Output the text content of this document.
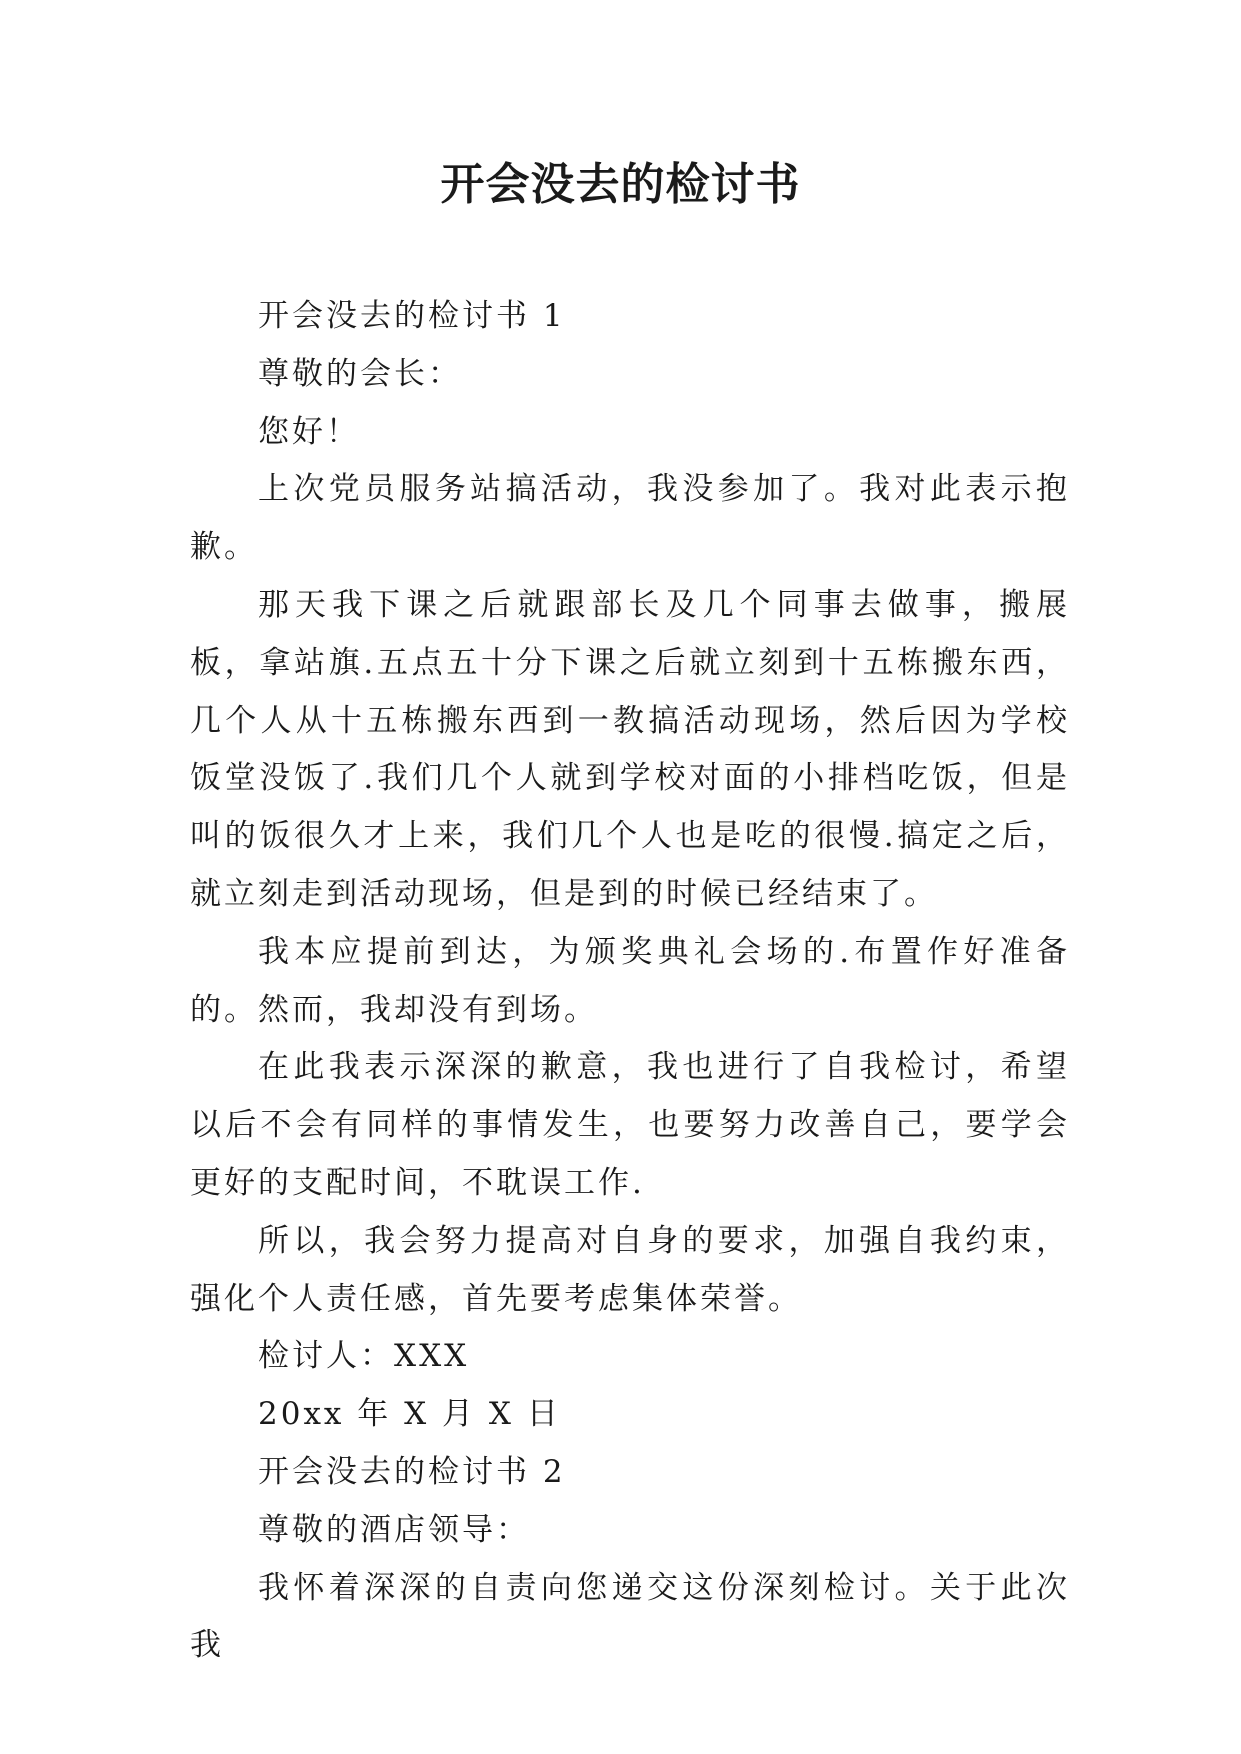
开会没去的检讨书

开会没去的检讨书 1

尊敬的会长：

您好！

上次党员服务站搞活动，我没参加了。我对此表示抱歉。

那天我下课之后就跟部长及几个同事去做事，搬展板，拿站旗.五点五十分下课之后就立刻到十五栋搬东西，几个人从十五栋搬东西到一教搞活动现场，然后因为学校饭堂没饭了.我们几个人就到学校对面的小排档吃饭，但是叫的饭很久才上来，我们几个人也是吃的很慢.搞定之后，就立刻走到活动现场，但是到的时候已经结束了。

我本应提前到达，为颁奖典礼会场的.布置作好准备的。然而，我却没有到场。

在此我表示深深的歉意，我也进行了自我检讨，希望以后不会有同样的事情发生，也要努力改善自己，要学会更好的支配时间，不耽误工作.

所以，我会努力提高对自身的要求，加强自我约束，强化个人责任感，首先要考虑集体荣誉。

检讨人：XXX

20xx 年 X 月 X 日

开会没去的检讨书 2

尊敬的酒店领导：

我怀着深深的自责向您递交这份深刻检讨。关于此次我
